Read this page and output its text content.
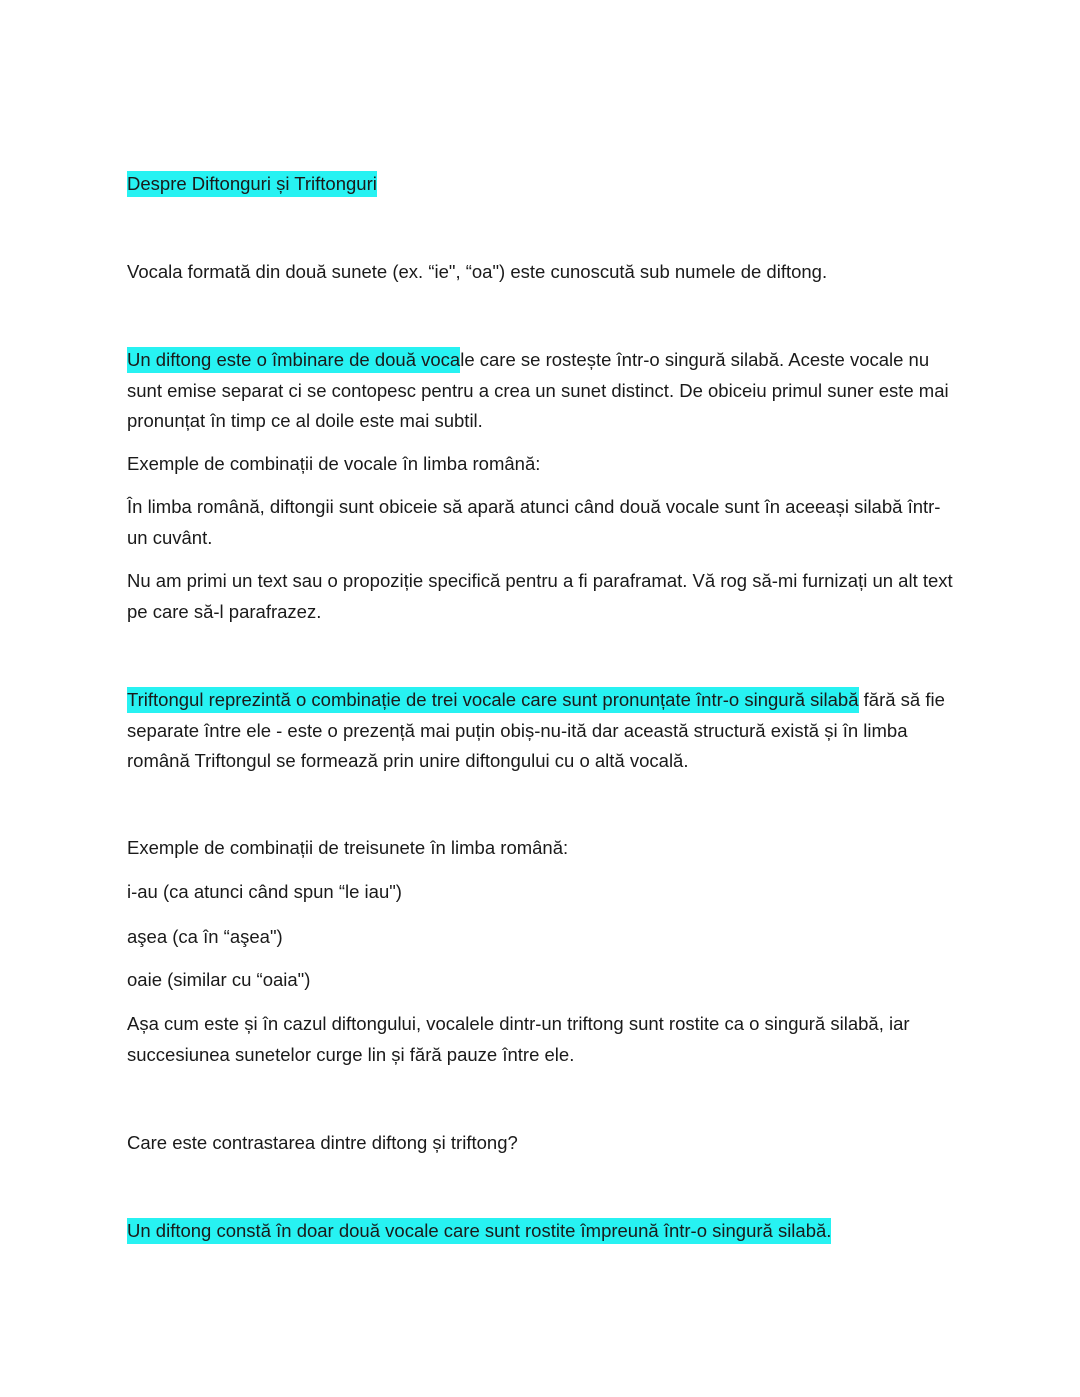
Despre Diftonguri și Triftonguri

Vocala formată din două sunete (ex. “ie", “oa") este cunoscută sub numele de diftong.

Un diftong este o îmbinare de două vocale care se rostește într-o singură silabă. Aceste vocale nu sunt emise separat ci se contopesc pentru a crea un sunet distinct. De obiceiu primul suner este mai pronunțat în timp ce al doile este mai subtil.

Exemple de combinații de vocale în limba română:

În limba română, diftongii sunt obiceie să apară atunci când două vocale sunt în aceeași silabă într-un cuvânt.

Nu am primi un text sau o propoziție specifică pentru a fi paraframat. Vă rog să-mi furnizați un alt text pe care să-l parafrazez.

Triftongul reprezintă o combinație de trei vocale care sunt pronunțate într-o singură silabă fără să fie separate între ele - este o prezență mai puțin obiș-nu-ită dar această structură există și în limba română Triftongul se formează prin unire diftongului cu o altă vocală.

Exemple de combinații de treisunete în limba română:

i-au (ca atunci când spun “le iau")

aşea (ca în “aşea")

oaie (similar cu “oaia")

Așa cum este și în cazul diftongului, vocalele dintr-un triftong sunt rostite ca o singură silabă, iar succesiunea sunetelor curge lin și fără pauze între ele.

Care este contrastarea dintre diftong și triftong?

Un diftong constă în doar două vocale care sunt rostite împreună într-o singură silabă.
